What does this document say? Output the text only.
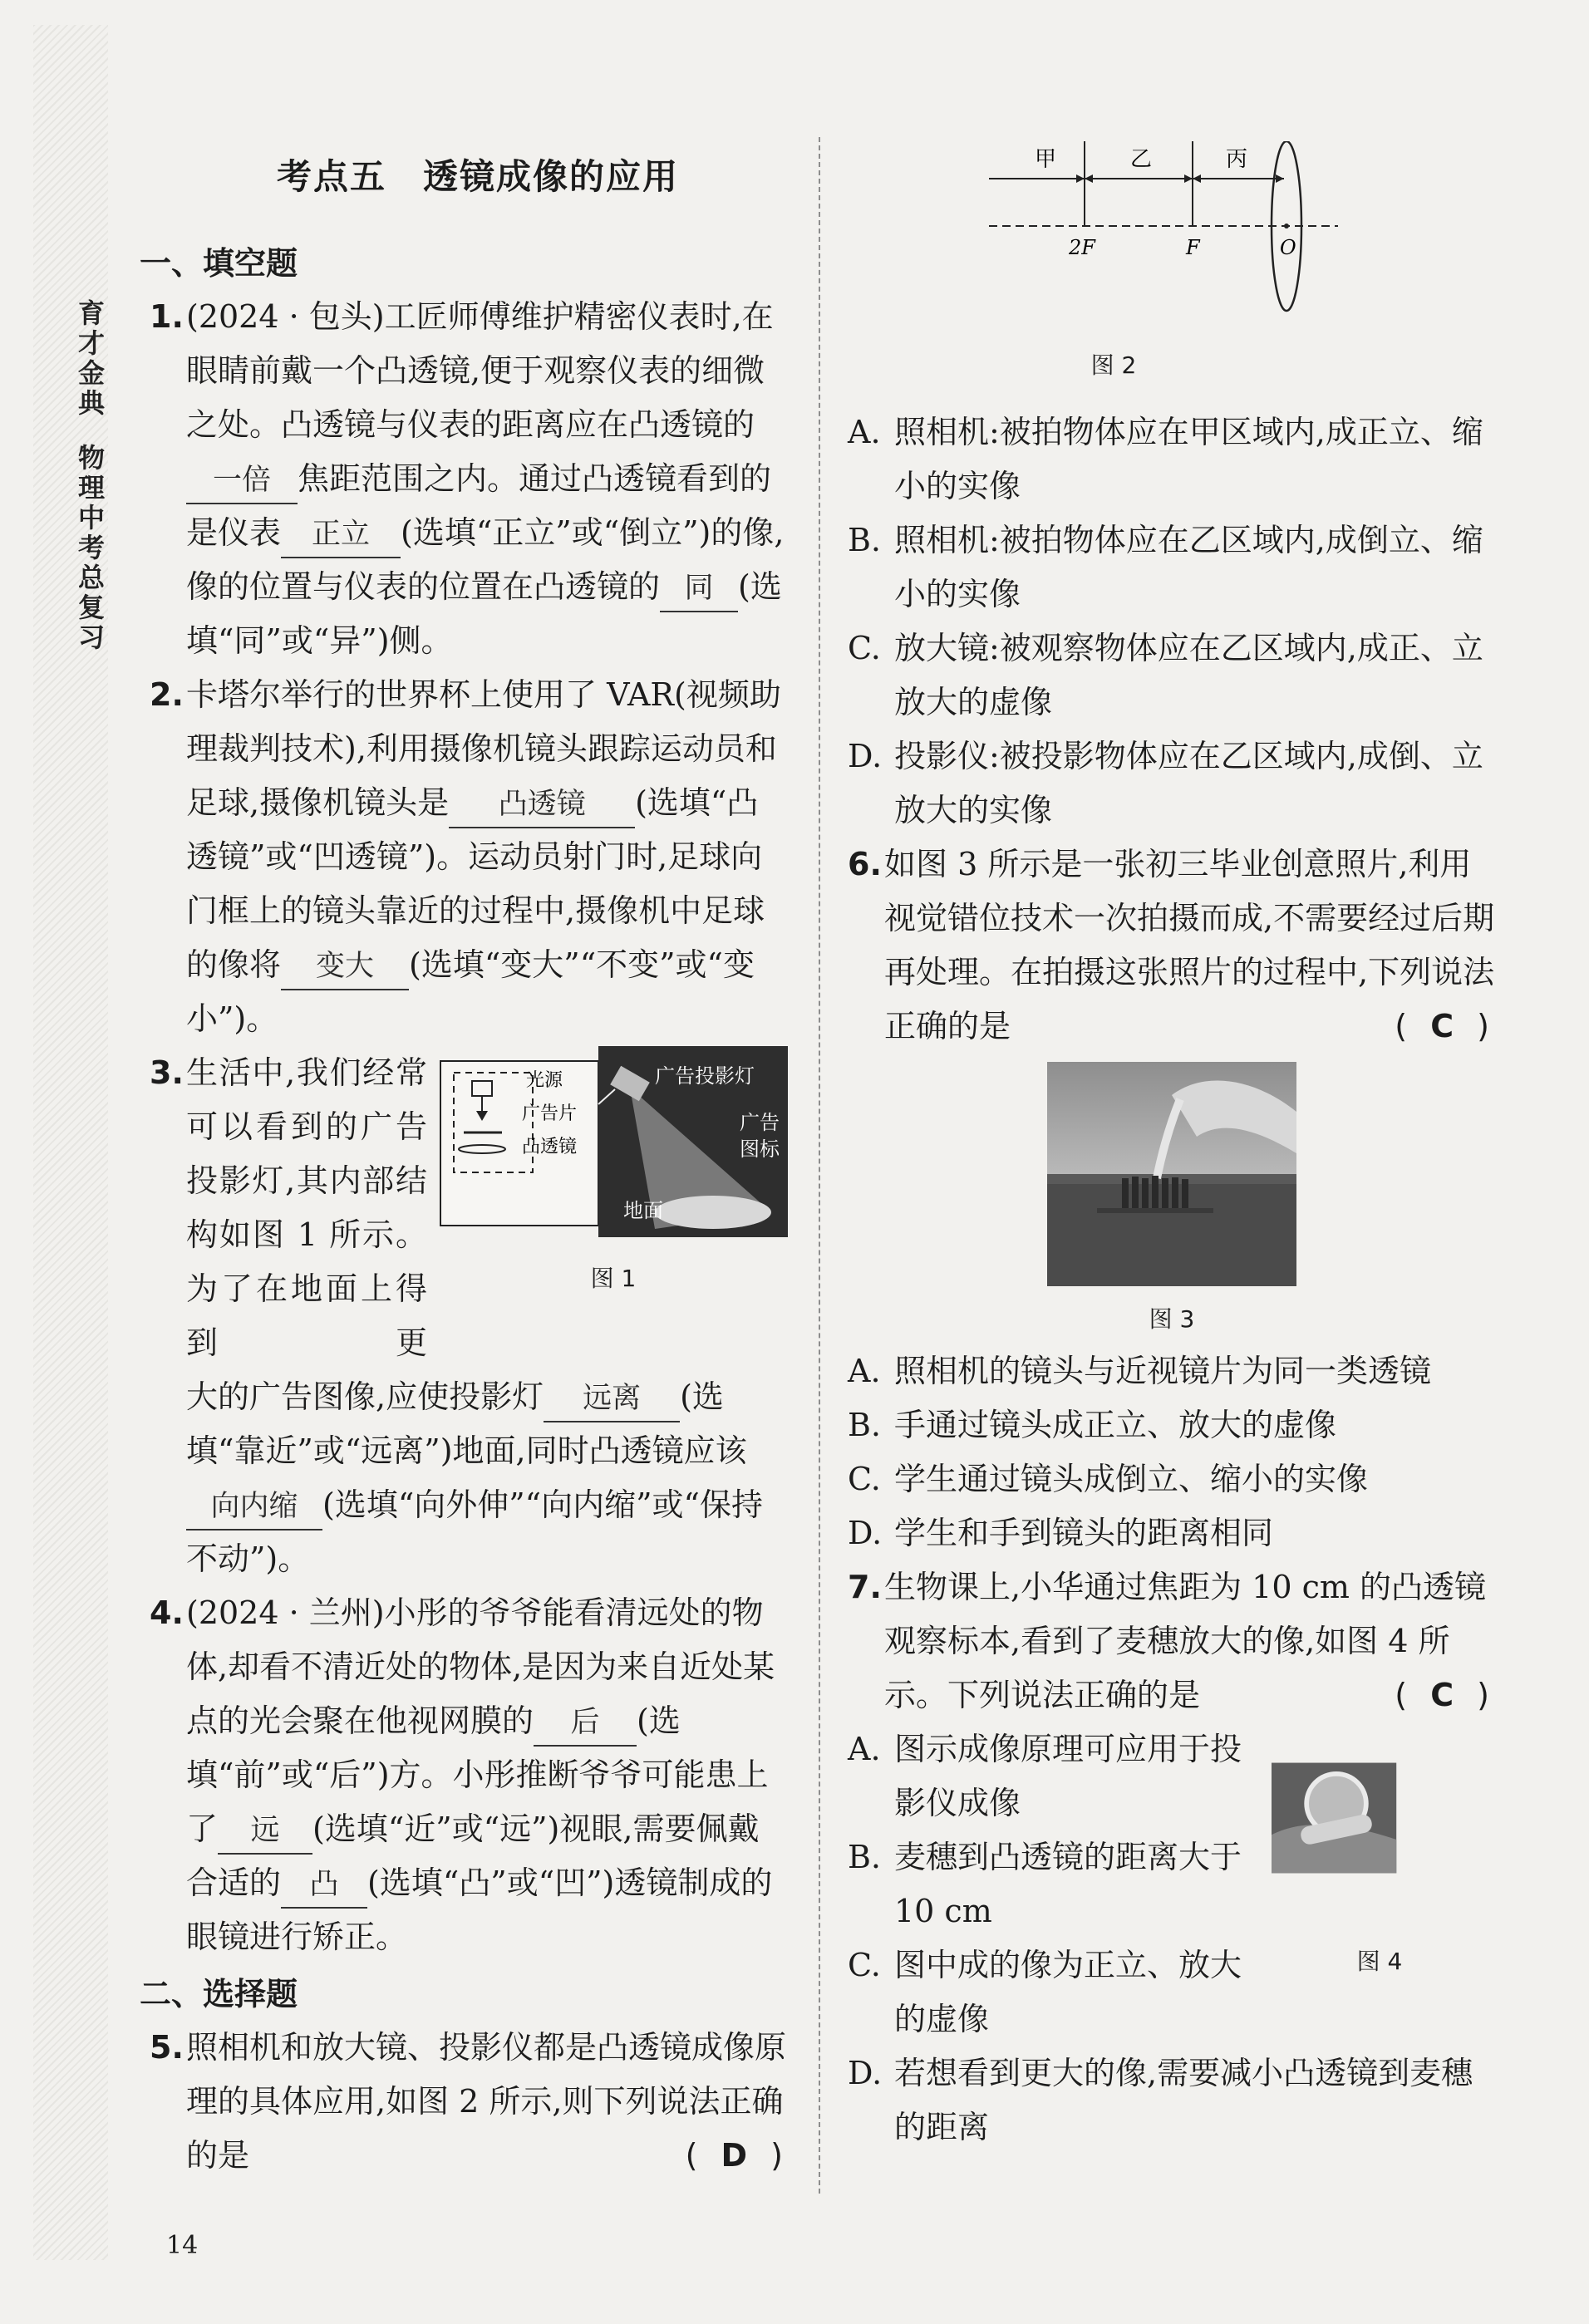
育才金典物理中考总复习
考点五　透镜成像的应用
一、填空题

1. (2024 · 包头)工匠师傅维护精密仪表时,在眼睛前戴一个凸透镜,便于观察仪表的细微之处。凸透镜与仪表的距离应在凸透镜的一倍 焦距范围之内。通过凸透镜看到的是仪表 正立 (选填“正立”或“倒立”)的像,像的位置与仪表的位置在凸透镜的 同 (选填“同”或“异”)侧。

2. 卡塔尔举行的世界杯上使用了 VAR(视频助理裁判技术),利用摄像机镜头跟踪运动员和足球,摄像机镜头是 凸透镜 (选填“凸透镜”或“凹透镜”)。运动员射门时,足球向门框上的镜头靠近的过程中,摄像机中足球的像将 变大 (选填“变大”“不变”或“变小”)。

3. 生活中,我们经常可以看到的广告投影灯,其内部结构如图 1 所示。为了在地面上得到更
光源
广告片
凸透镜
广告投影灯
广告
图标
地面
图 1

大的广告图像,应使投影灯 远离 (选填“靠近”或“远离”)地面,同时凸透镜应该向内缩 (选填“向外伸”“向内缩”或“保持不动”)。

4. (2024 · 兰州)小彤的爷爷能看清远处的物体,却看不清近处的物体,是因为来自近处某点的光会聚在他视网膜的 后 (选填“前”或“后”)方。小彤推断爷爷可能患上了 远 (选填“近”或“远”)视眼,需要佩戴合适的 凸 (选填“凸”或“凹”)透镜制成的眼镜进行矫正。

二、选择题

5. 照相机和放大镜、投影仪都是凸透镜成像原理的具体应用,如图 2 所示,则下列说法正确的是	( D )

甲	乙	丙
2F	F	O
图 2

A. 照相机:被拍物体应在甲区域内,成正立、缩小的实像

B. 照相机:被拍物体应在乙区域内,成倒立、缩小的实像

C. 放大镜:被观察物体应在乙区域内,成正、立放大的虚像

D. 投影仪:被投影物体应在乙区域内,成倒、立放大的实像

6. 如图 3 所示是一张初三毕业创意照片,利用视觉错位技术一次拍摄而成,不需要经过后期再处理。在拍摄这张照片的过程中,下列说法正确的是	( C )

图 3

A. 照相机的镜头与近视镜片为同一类透镜

B. 手通过镜头成正立、放大的虚像

C. 学生通过镜头成倒立、缩小的实像

D. 学生和手到镜头的距离相同

7. 生物课上,小华通过焦距为 10 cm 的凸透镜观察标本,看到了麦穗放大的像,如图 4 所示。下列说法正确的是	( C )

图 4

A. 图示成像原理可应用于投影仪成像

B. 麦穗到凸透镜的距离大于 10 cm

C. 图中成的像为正立、放大的虚像

D. 若想看到更大的像,需要减小凸透镜到麦穗的距离

14
